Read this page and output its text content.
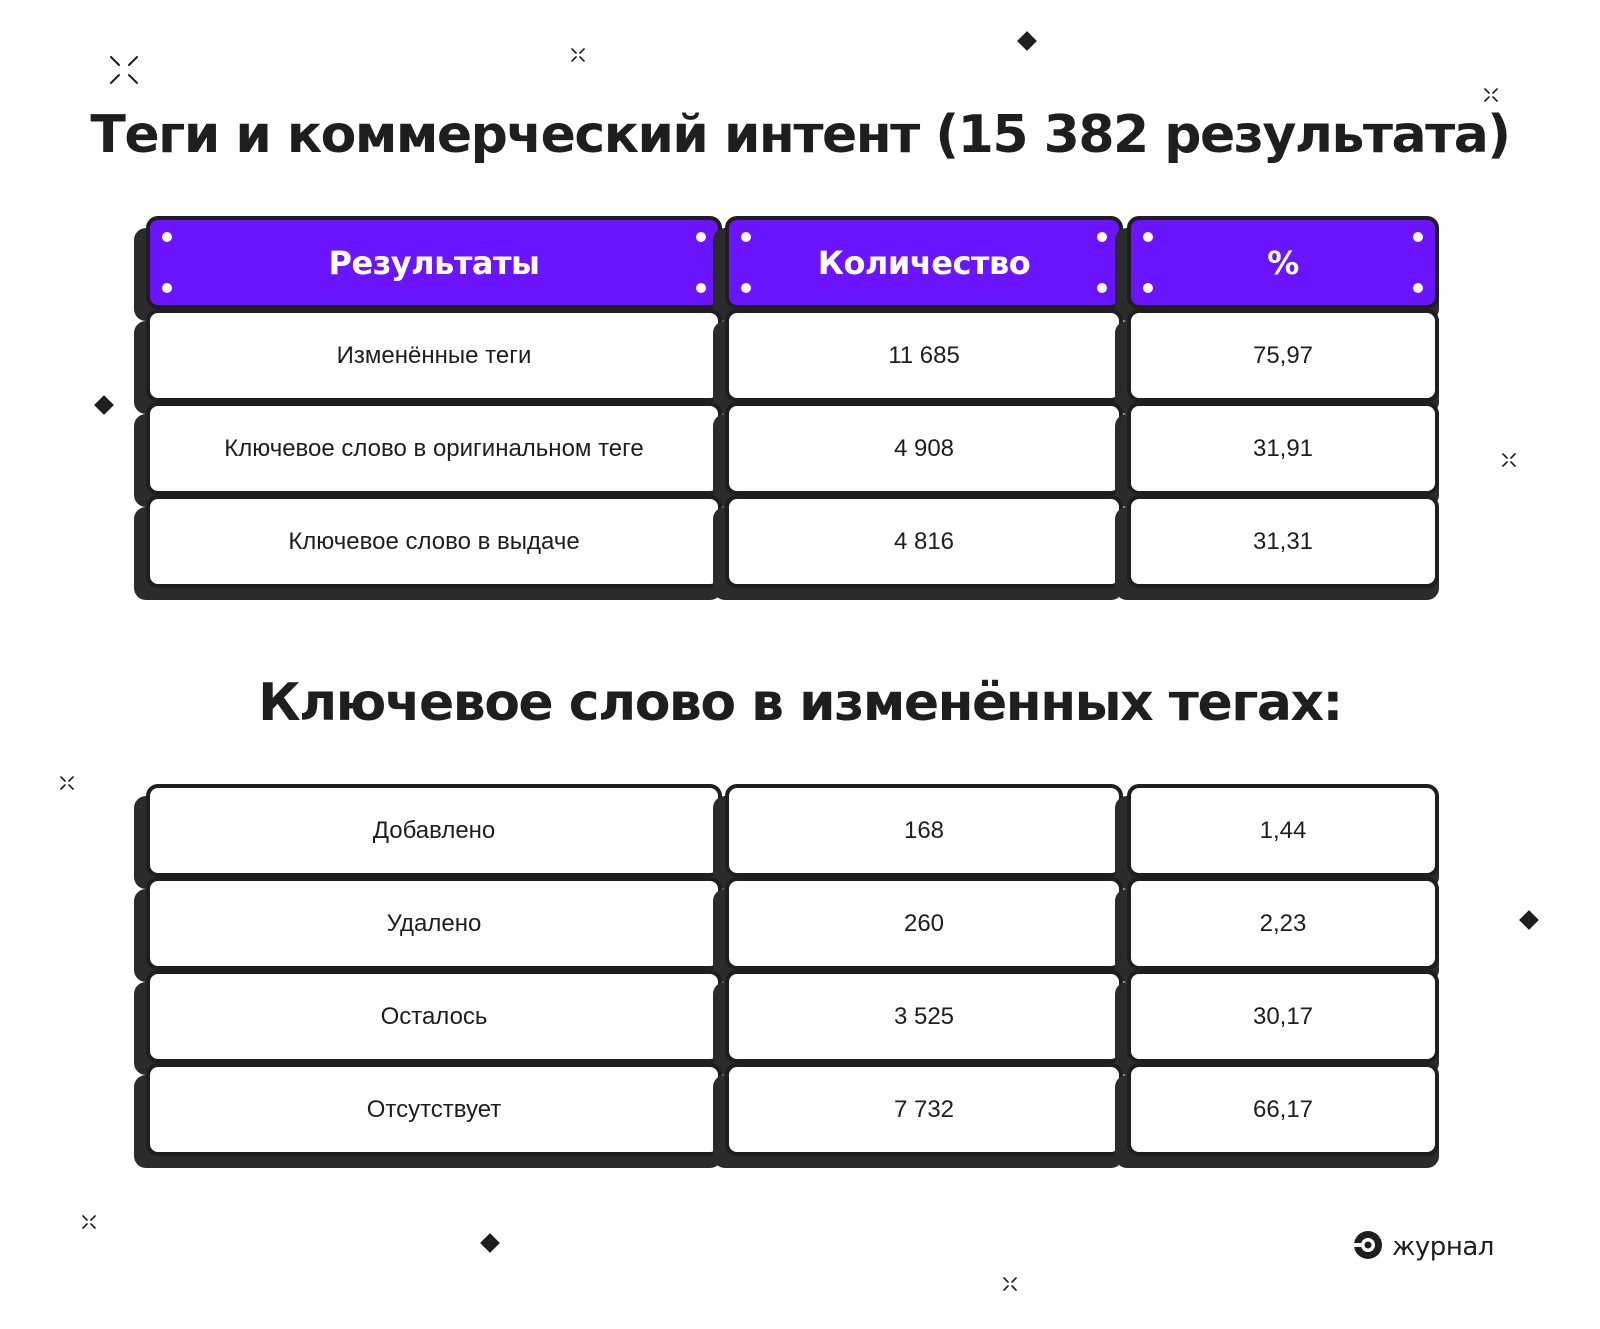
Теги и коммерческий интент (15 382 результата)
Результаты	Количество	%
Изменённые теги	11 685	75,97
Ключевое слово в оригинальном теге	4 908	31,91
Ключевое слово в выдаче	4 816	31,31
Ключевое слово в изменённых тегах:
Добавлено	168	1,44
Удалено	260	2,23
Осталось	3 525	30,17
Отсутствует	7 732	66,17
журнал
